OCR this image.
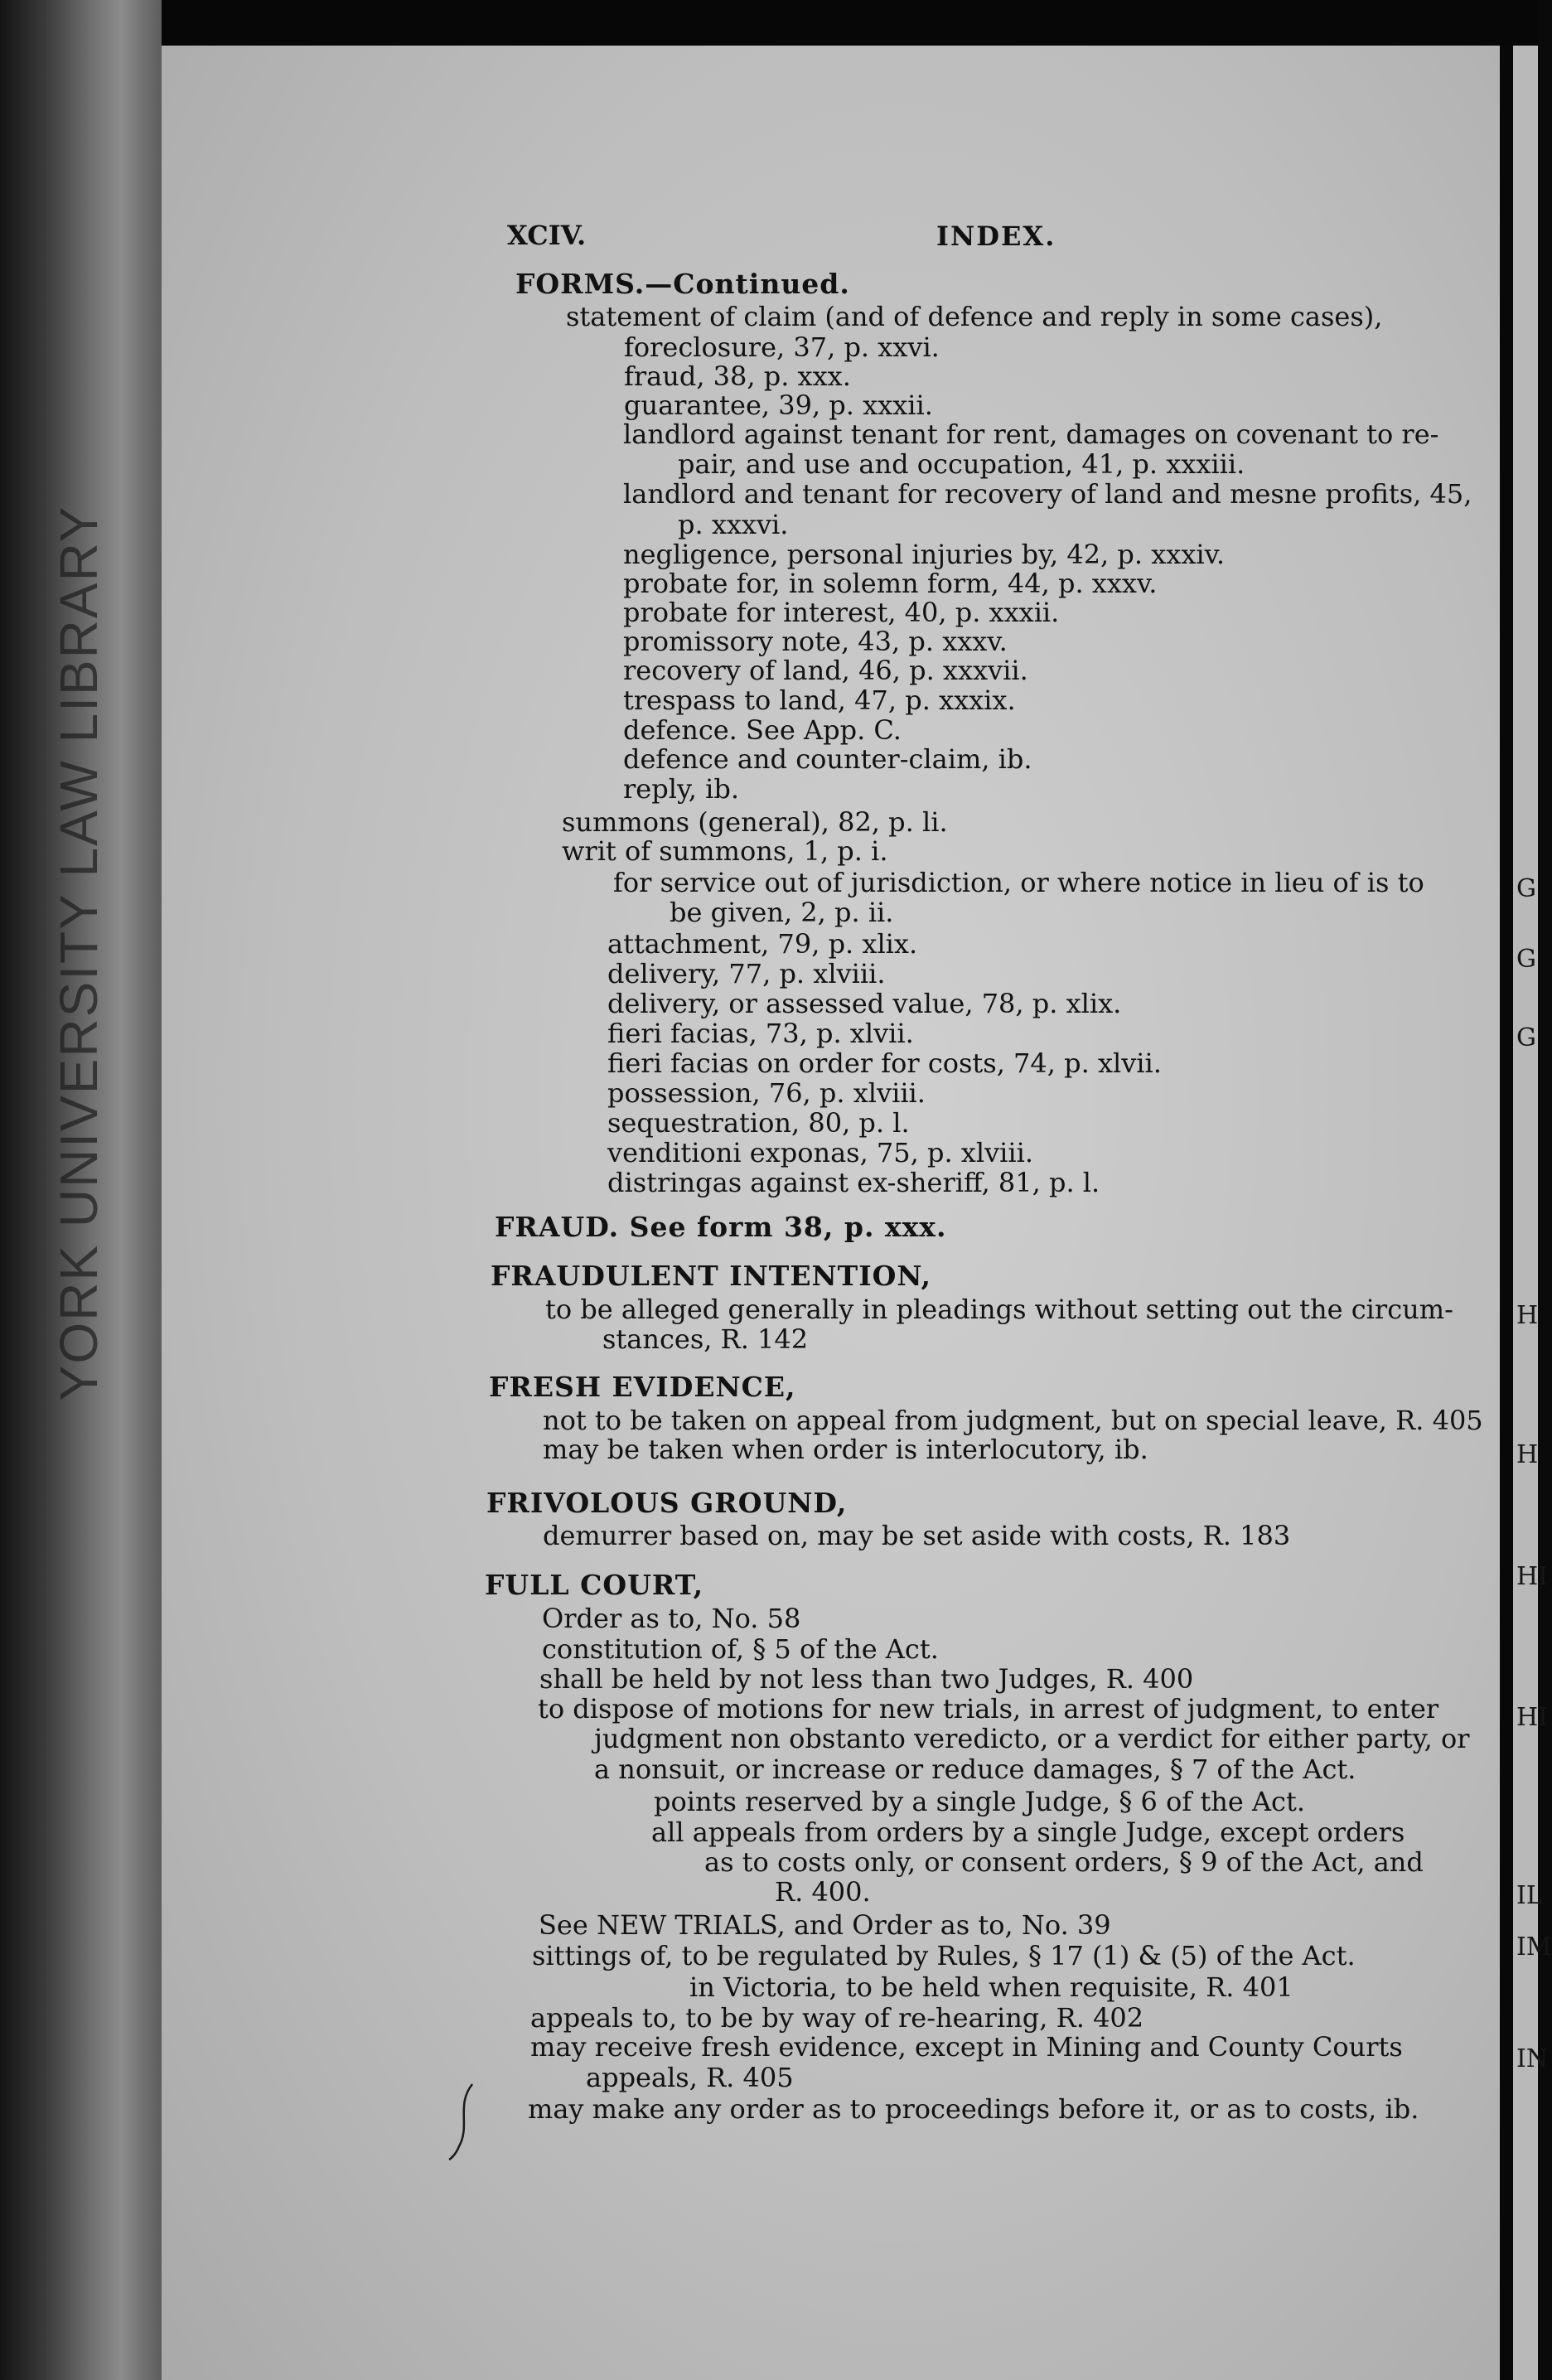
YORK UNIVERSITY LAW LIBRARY	G
G
G
H
H
HI
HI
IL
IM
IN
XCIV.	INDEX.
FORMS.—Continued.
statement of claim (and of defence and reply in some cases),
foreclosure, 37, p. xxvi.
fraud, 38, p. xxx.
guarantee, 39, p. xxxii.
landlord against tenant for rent, damages on covenant to re-
pair, and use and occupation, 41, p. xxxiii.
landlord and tenant for recovery of land and mesne profits, 45,
p. xxxvi.
negligence, personal injuries by, 42, p. xxxiv.
probate for, in solemn form, 44, p. xxxv.
probate for interest, 40, p. xxxii.
promissory note, 43, p. xxxv.
recovery of land, 46, p. xxxvii.
trespass to land, 47, p. xxxix.
defence. See App. C.
defence and counter-claim, ib.
reply, ib.
summons (general), 82, p. li.
writ of summons, 1, p. i.
for service out of jurisdiction, or where notice in lieu of is to
be given, 2, p. ii.
attachment, 79, p. xlix.
delivery, 77, p. xlviii.
delivery, or assessed value, 78, p. xlix.
fieri facias, 73, p. xlvii.
fieri facias on order for costs, 74, p. xlvii.
possession, 76, p. xlviii.
sequestration, 80, p. l.
venditioni exponas, 75, p. xlviii.
distringas against ex-sheriff, 81, p. l.
FRAUD. See form 38, p. xxx.
FRAUDULENT INTENTION,
to be alleged generally in pleadings without setting out the circum-
stances, R. 142
FRESH EVIDENCE,
not to be taken on appeal from judgment, but on special leave, R. 405
may be taken when order is interlocutory, ib.
FRIVOLOUS GROUND,
demurrer based on, may be set aside with costs, R. 183
FULL COURT,
Order as to, No. 58
constitution of, § 5 of the Act.
shall be held by not less than two Judges, R. 400
to dispose of motions for new trials, in arrest of judgment, to enter
judgment non obstanto veredicto, or a verdict for either party, or
a nonsuit, or increase or reduce damages, § 7 of the Act.
points reserved by a single Judge, § 6 of the Act.
all appeals from orders by a single Judge, except orders
as to costs only, or consent orders, § 9 of the Act, and
R. 400.
See NEW TRIALS, and Order as to, No. 39
sittings of, to be regulated by Rules, § 17 (1) & (5) of the Act.
in Victoria, to be held when requisite, R. 401
appeals to, to be by way of re-hearing, R. 402
may receive fresh evidence, except in Mining and County Courts
appeals, R. 405
may make any order as to proceedings before it, or as to costs, ib.
